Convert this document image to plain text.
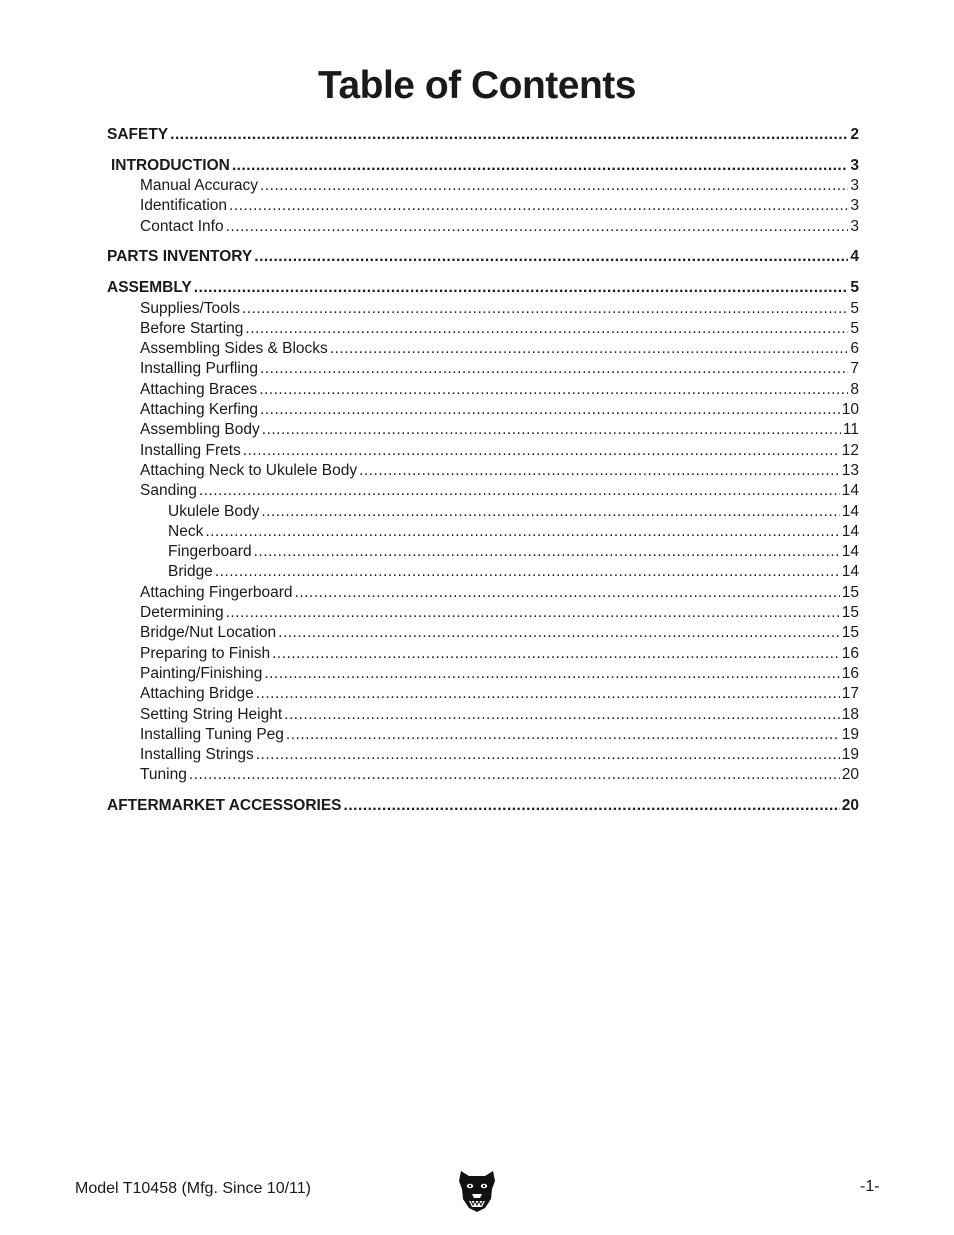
Table of Contents
SAFETY .....	2
INTRODUCTION .....	3
Manual Accuracy .....	3
Identification .....	3
Contact Info .....	3
PARTS INVENTORY .....	4
ASSEMBLY .....	5
Supplies/Tools .....	5
Before Starting .....	5
Assembling Sides & Blocks .....	6
Installing Purfling .....	7
Attaching Braces .....	8
Attaching Kerfing .....	10
Assembling Body .....	11
Installing Frets .....	12
Attaching Neck to Ukulele Body .....	13
Sanding .....	14
Ukulele Body .....	14
Neck .....	14
Fingerboard .....	14
Bridge .....	14
Attaching Fingerboard .....	15
Determining .....	15
Bridge/Nut Location .....	15
Preparing to Finish .....	16
Painting/Finishing .....	16
Attaching Bridge .....	17
Setting String Height .....	18
Installing Tuning Peg .....	19
Installing Strings .....	19
Tuning .....	20
AFTERMARKET ACCESSORIES .....	20
Model T10458 (Mfg. Since 10/11)	-1-
